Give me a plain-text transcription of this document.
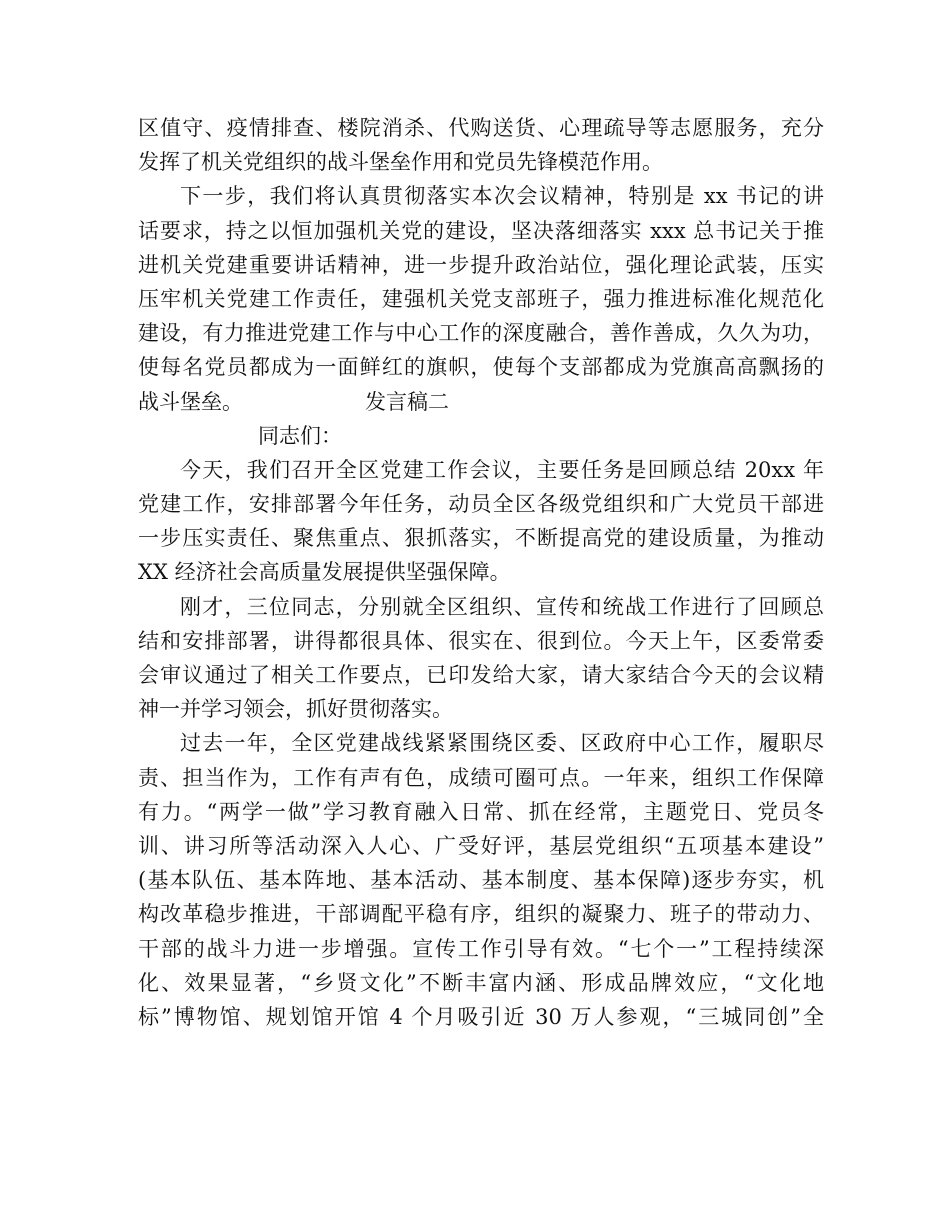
区值守、疫情排查、楼院消杀、代购送货、心理疏导等志愿服务，充分
发挥了机关党组织的战斗堡垒作用和党员先锋模范作用。
下一步，我们将认真贯彻落实本次会议精神，特别是 xx 书记的讲
话要求，持之以恒加强机关党的建设，坚决落细落实 xxx 总书记关于推
进机关党建重要讲话精神，进一步提升政治站位，强化理论武装，压实
压牢机关党建工作责任，建强机关党支部班子，强力推进标准化规范化
建设，有力推进党建工作与中心工作的深度融合，善作善成，久久为功，
使每名党员都成为一面鲜红的旗帜，使每个支部都成为党旗高高飘扬的
战斗堡垒。	发言稿二
同志们：
今天，我们召开全区党建工作会议，主要任务是回顾总结 20xx 年
党建工作，安排部署今年任务，动员全区各级党组织和广大党员干部进
一步压实责任、聚焦重点、狠抓落实，不断提高党的建设质量，为推动
XX 经济社会高质量发展提供坚强保障。
刚才，三位同志，分别就全区组织、宣传和统战工作进行了回顾总
结和安排部署，讲得都很具体、很实在、很到位。今天上午，区委常委
会审议通过了相关工作要点，已印发给大家，请大家结合今天的会议精
神一并学习领会，抓好贯彻落实。
过去一年，全区党建战线紧紧围绕区委、区政府中心工作，履职尽
责、担当作为，工作有声有色，成绩可圈可点。一年来，组织工作保障
有力。“两学一做”学习教育融入日常、抓在经常，主题党日、党员冬
训、讲习所等活动深入人心、广受好评，基层党组织“五项基本建设”
(基本队伍、基本阵地、基本活动、基本制度、基本保障)逐步夯实，机
构改革稳步推进，干部调配平稳有序，组织的凝聚力、班子的带动力、
干部的战斗力进一步增强。宣传工作引导有效。“七个一”工程持续深
化、效果显著，“乡贤文化”不断丰富内涵、形成品牌效应，“文化地
标”博物馆、规划馆开馆 4 个月吸引近 30 万人参观，“三城同创”全
